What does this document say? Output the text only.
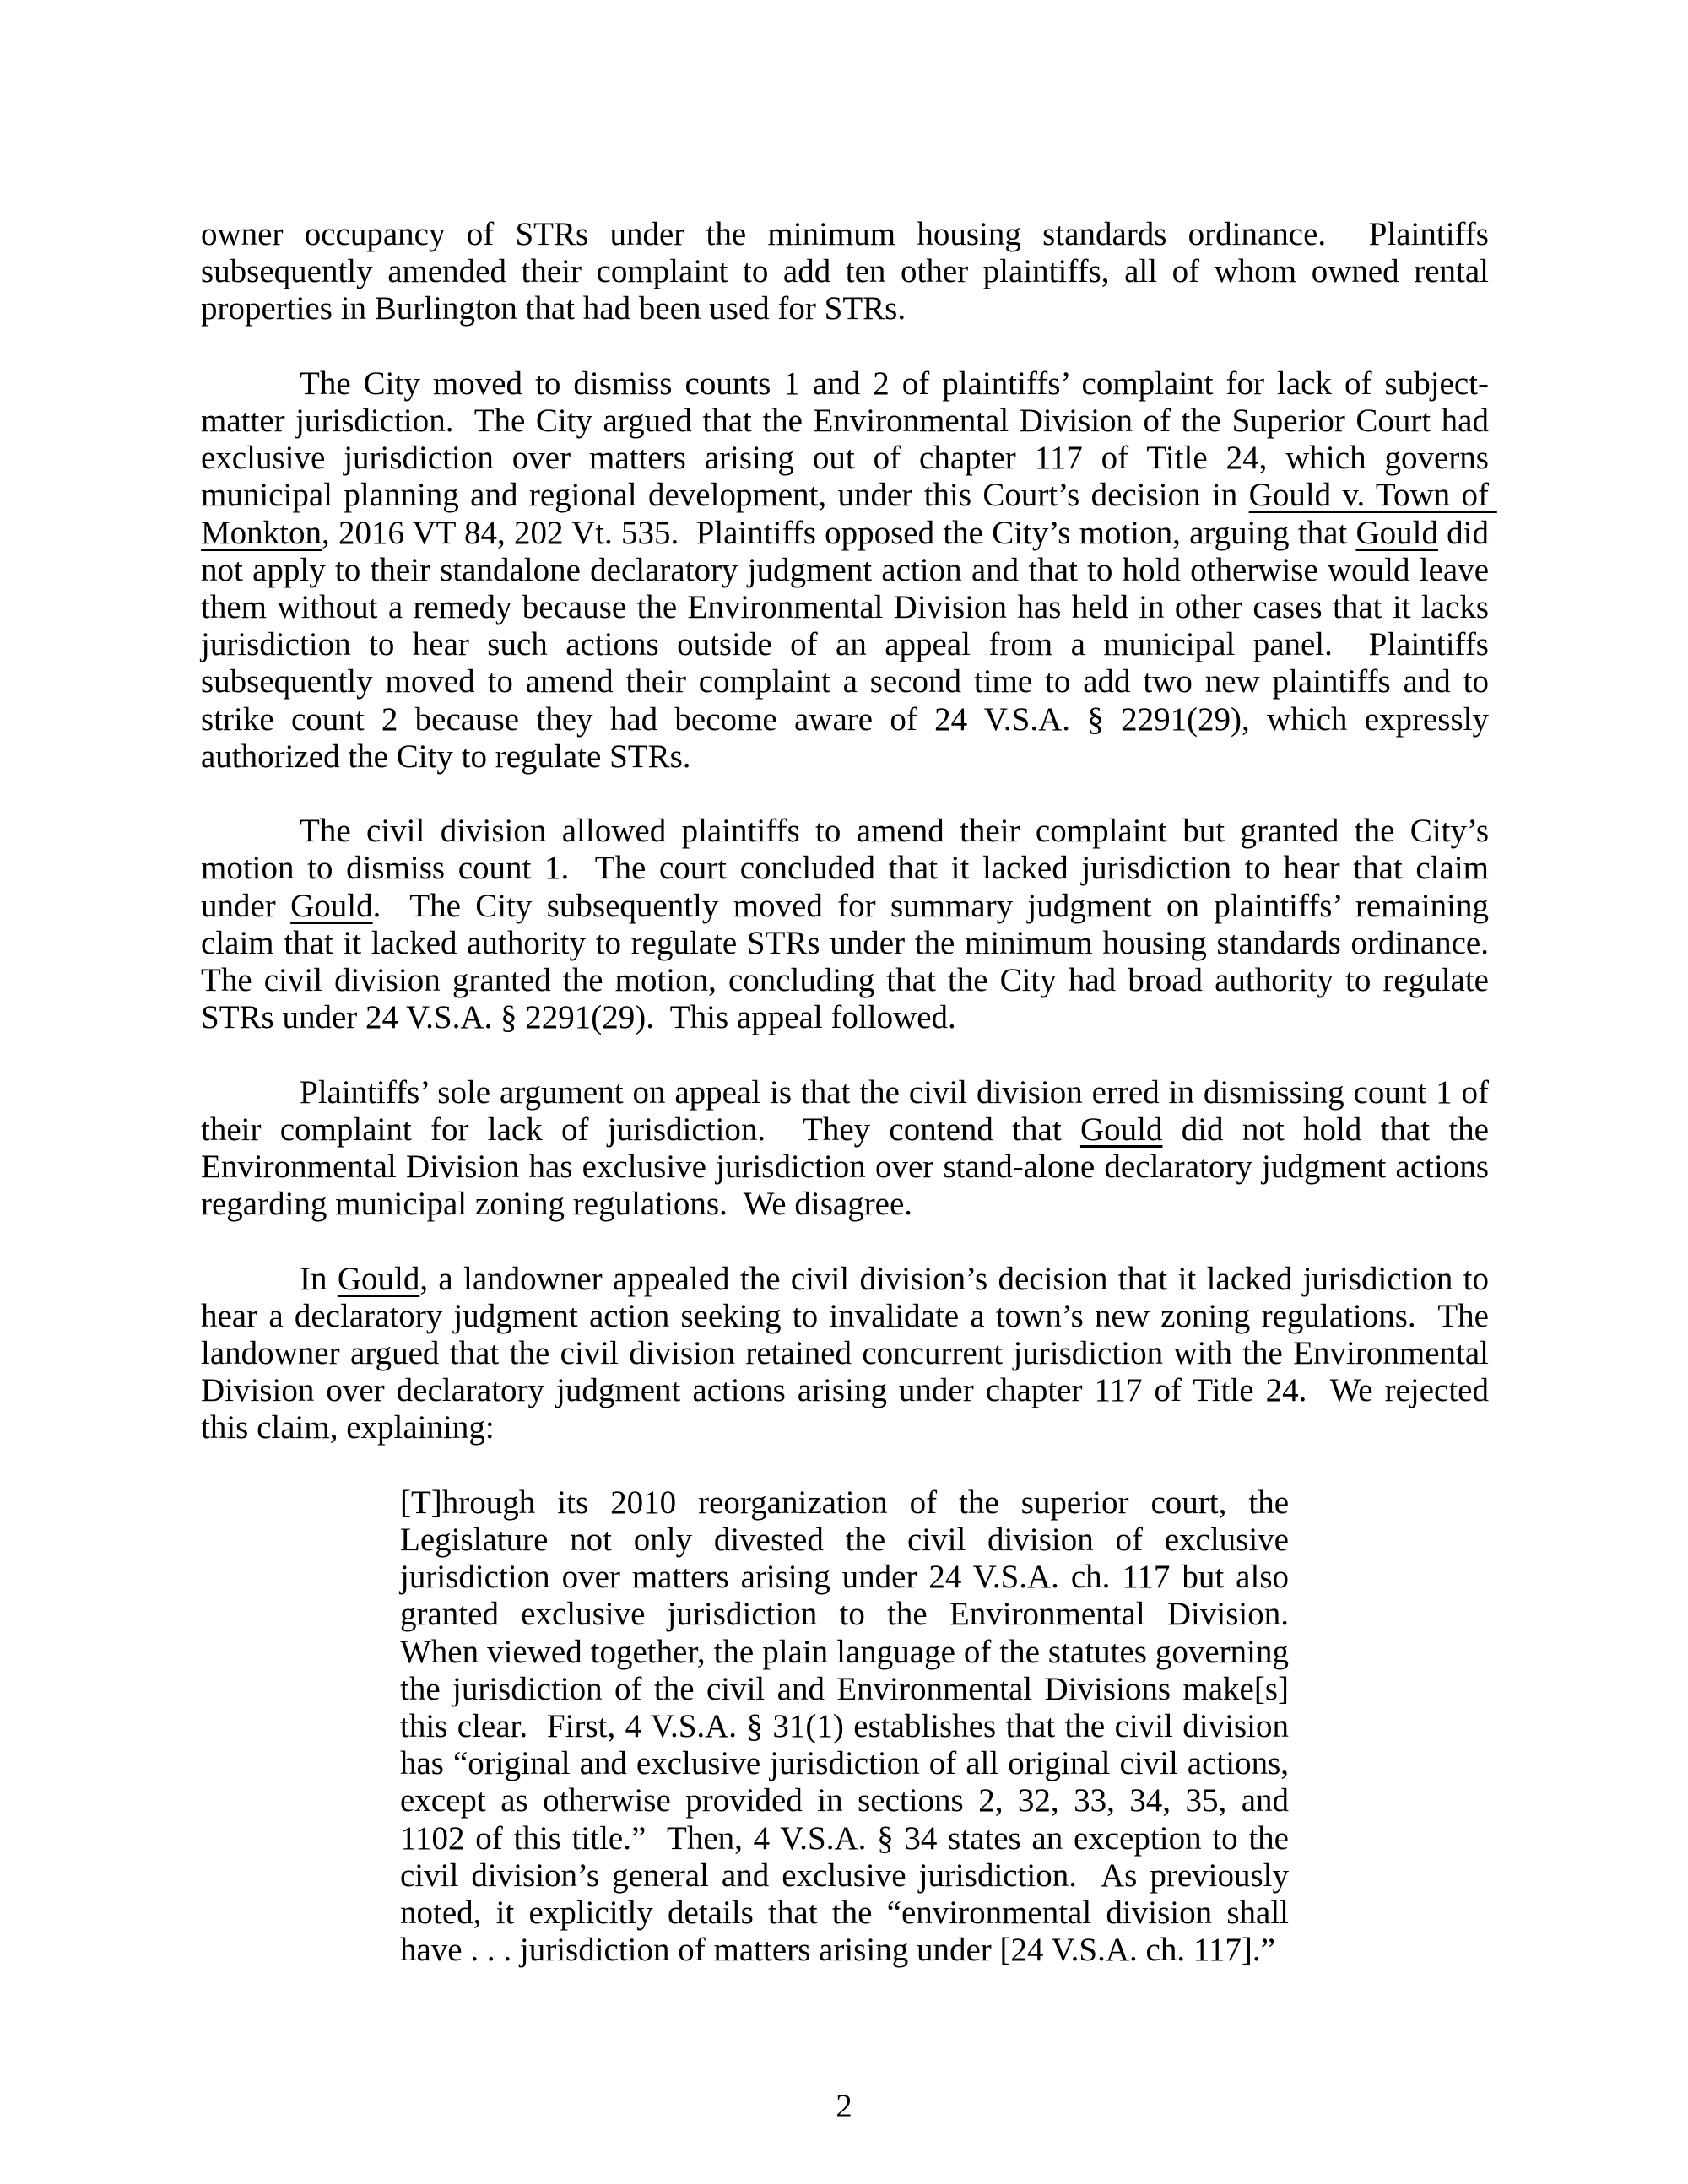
owner occupancy of STRs under the minimum housing standards ordinance.  Plaintiffs subsequently amended their complaint to add ten other plaintiffs, all of whom owned rental properties in Burlington that had been used for STRs.

The City moved to dismiss counts 1 and 2 of plaintiffs’ complaint for lack of subject-matter jurisdiction.  The City argued that the Environmental Division of the Superior Court had exclusive jurisdiction over matters arising out of chapter 117 of Title 24, which governs municipal planning and regional development, under this Court’s decision in Gould v. Town of Monkton, 2016 VT 84, 202 Vt. 535.  Plaintiffs opposed the City’s motion, arguing that Gould did not apply to their standalone declaratory judgment action and that to hold otherwise would leave them without a remedy because the Environmental Division has held in other cases that it lacks jurisdiction to hear such actions outside of an appeal from a municipal panel.  Plaintiffs subsequently moved to amend their complaint a second time to add two new plaintiffs and to strike count 2 because they had become aware of 24 V.S.A. § 2291(29), which expressly authorized the City to regulate STRs.

The civil division allowed plaintiffs to amend their complaint but granted the City’s motion to dismiss count 1.  The court concluded that it lacked jurisdiction to hear that claim under Gould.  The City subsequently moved for summary judgment on plaintiffs’ remaining claim that it lacked authority to regulate STRs under the minimum housing standards ordinance.  The civil division granted the motion, concluding that the City had broad authority to regulate STRs under 24 V.S.A. § 2291(29).  This appeal followed.

Plaintiffs’ sole argument on appeal is that the civil division erred in dismissing count 1 of their complaint for lack of jurisdiction.  They contend that Gould did not hold that the Environmental Division has exclusive jurisdiction over stand-alone declaratory judgment actions regarding municipal zoning regulations.  We disagree.

In Gould, a landowner appealed the civil division’s decision that it lacked jurisdiction to hear a declaratory judgment action seeking to invalidate a town’s new zoning regulations.  The landowner argued that the civil division retained concurrent jurisdiction with the Environmental Division over declaratory judgment actions arising under chapter 117 of Title 24.  We rejected this claim, explaining:

[T]hrough its 2010 reorganization of the superior court, the Legislature not only divested the civil division of exclusive jurisdiction over matters arising under 24 V.S.A. ch. 117 but also granted exclusive jurisdiction to the Environmental Division. When viewed together, the plain language of the statutes governing the jurisdiction of the civil and Environmental Divisions make[s] this clear.  First, 4 V.S.A. § 31(1) establishes that the civil division has “original and exclusive jurisdiction of all original civil actions, except as otherwise provided in sections 2, 32, 33, 34, 35, and 1102 of this title.”  Then, 4 V.S.A. § 34 states an exception to the civil division’s general and exclusive jurisdiction.  As previously noted, it explicitly details that the “environmental division shall have . . . jurisdiction of matters arising under [24 V.S.A. ch. 117].”

2
